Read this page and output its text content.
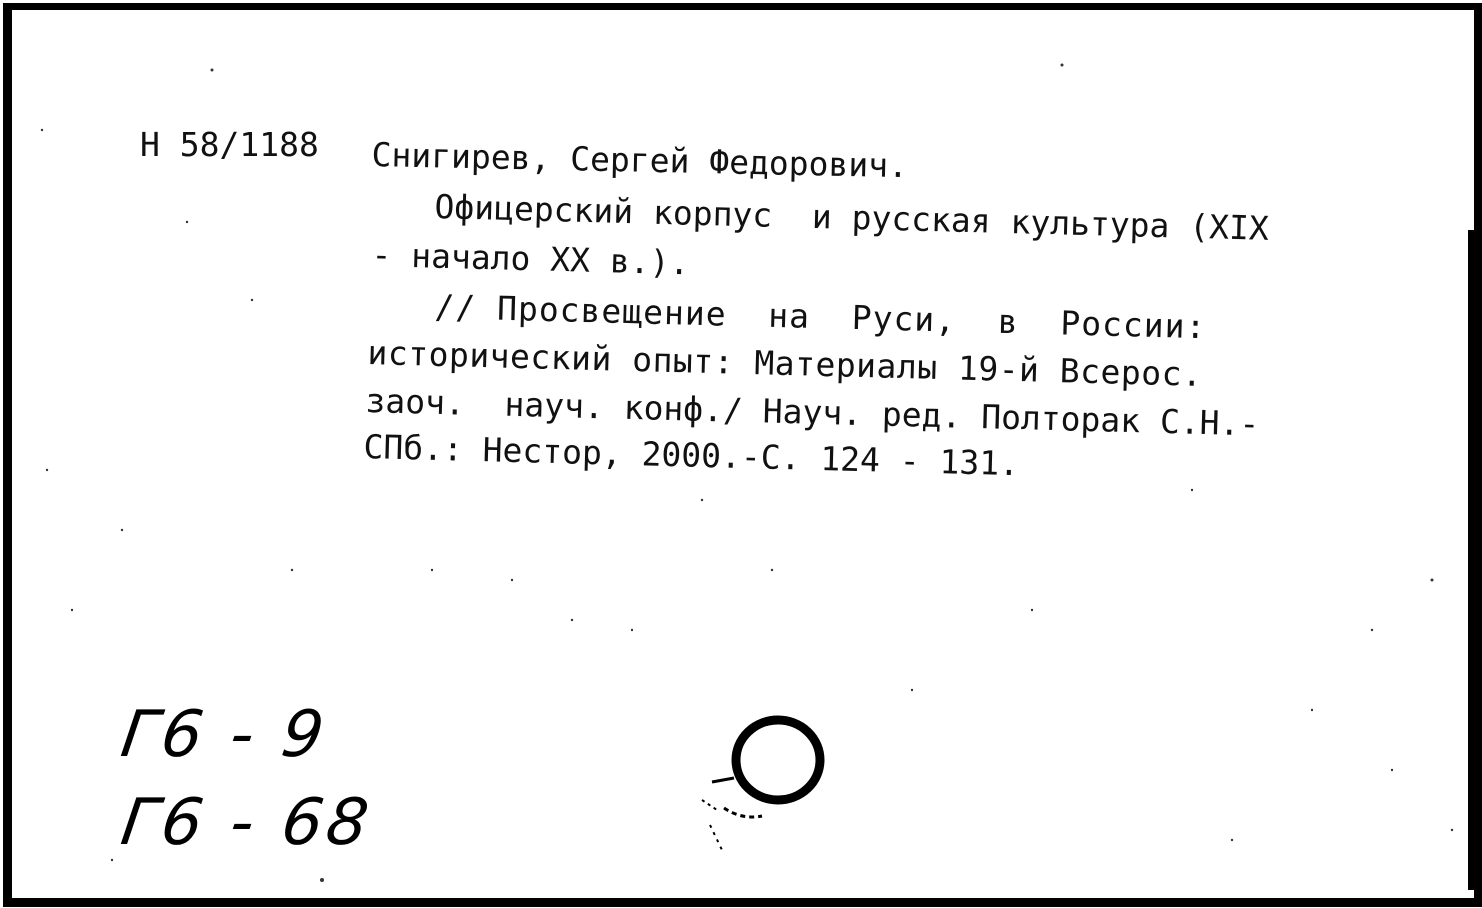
Н 58/1188 Снигирев, Сергей Федорович.
Офицерский корпус  и русская культура (XIX
- начало XX в.).
// Просвещение  на  Руси,  в  России:
исторический опыт: Материалы 19-й Всерос.
заоч.  науч. конф./ Науч. ред. Полторак С.Н.-
СПб.: Нестор, 2000.-С. 124 - 131.
Г6 - 9
Г6 - 68
